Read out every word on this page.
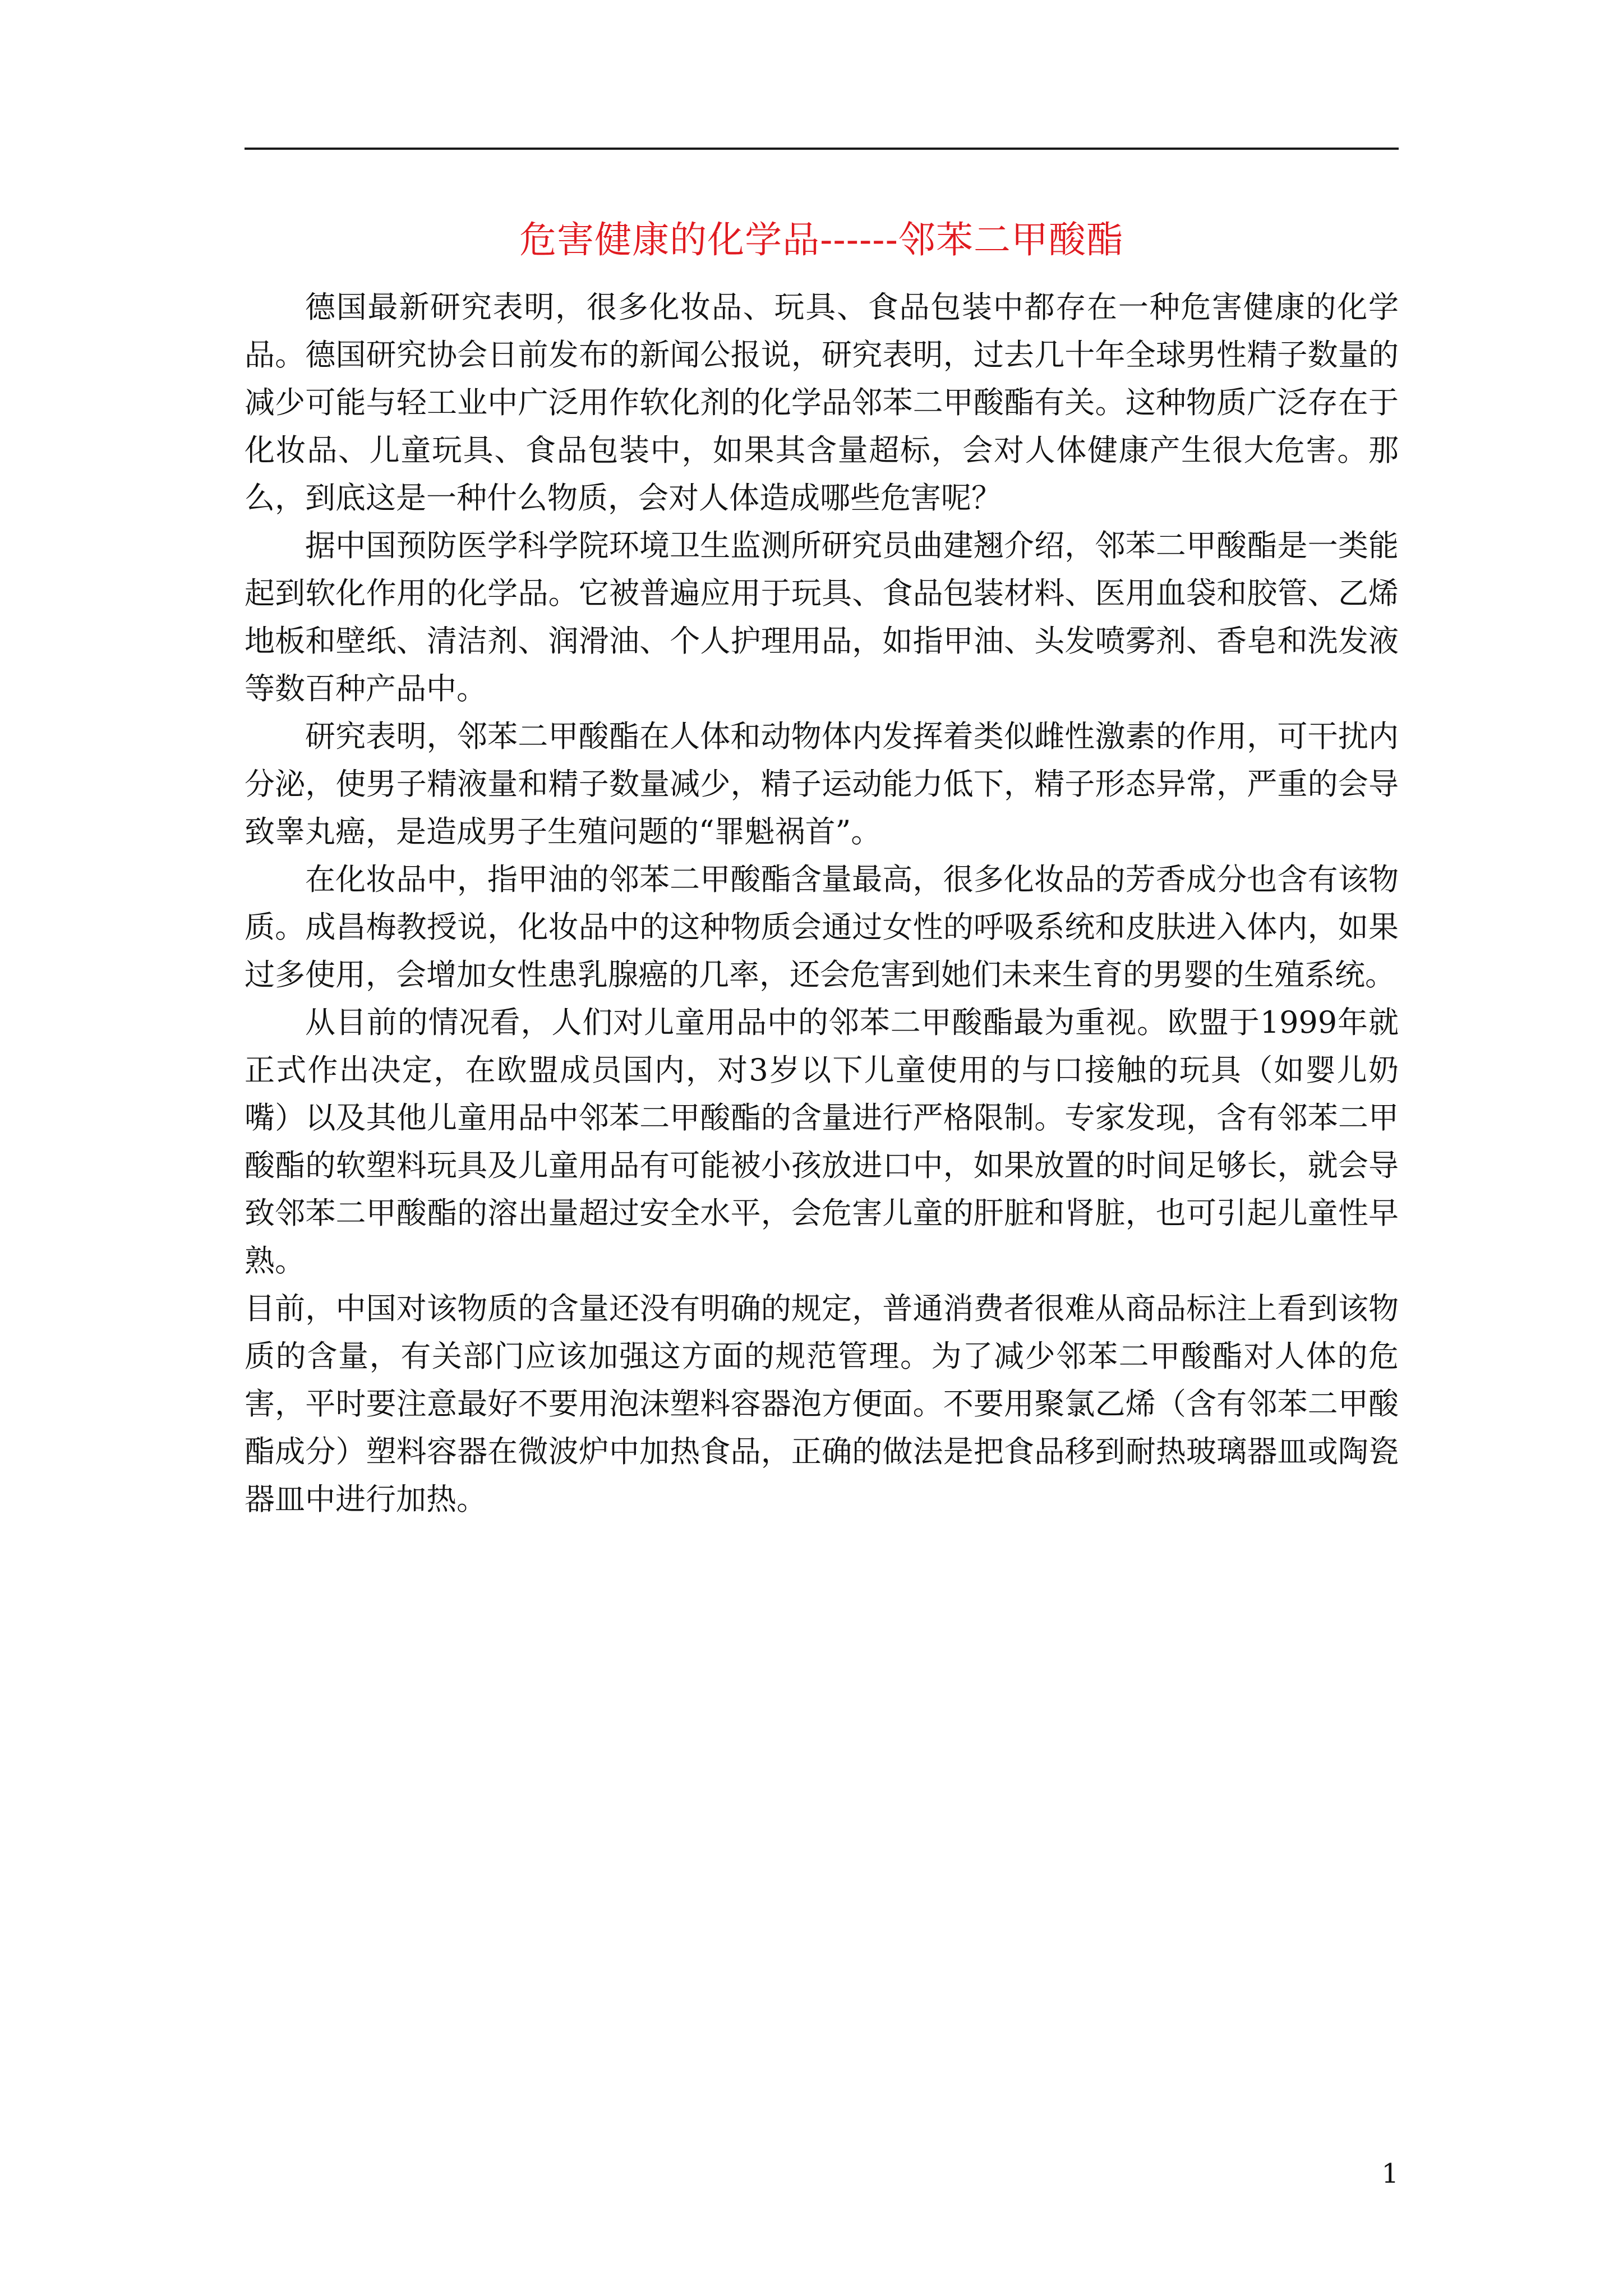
危害健康的化学品------邻苯二甲酸酯

德国最新研究表明，很多化妆品、玩具、食品包装中都存在一种危害健康的化学品。德国研究协会日前发布的新闻公报说，研究表明，过去几十年全球男性精子数量的减少可能与轻工业中广泛用作软化剂的化学品邻苯二甲酸酯有关。这种物质广泛存在于化妆品、儿童玩具、食品包装中，如果其含量超标，会对人体健康产生很大危害。那么，到底这是一种什么物质，会对人体造成哪些危害呢？

据中国预防医学科学院环境卫生监测所研究员曲建翘介绍，邻苯二甲酸酯是一类能起到软化作用的化学品。它被普遍应用于玩具、食品包装材料、医用血袋和胶管、乙烯地板和壁纸、清洁剂、润滑油、个人护理用品，如指甲油、头发喷雾剂、香皂和洗发液等数百种产品中。

研究表明，邻苯二甲酸酯在人体和动物体内发挥着类似雌性激素的作用，可干扰内分泌，使男子精液量和精子数量减少，精子运动能力低下，精子形态异常，严重的会导致睾丸癌，是造成男子生殖问题的“罪魁祸首”。

在化妆品中，指甲油的邻苯二甲酸酯含量最高，很多化妆品的芳香成分也含有该物质。成昌梅教授说，化妆品中的这种物质会通过女性的呼吸系统和皮肤进入体内，如果过多使用，会增加女性患乳腺癌的几率，还会危害到她们未来生育的男婴的生殖系统。

从目前的情况看，人们对儿童用品中的邻苯二甲酸酯最为重视。欧盟于1999年就正式作出决定，在欧盟成员国内，对3岁以下儿童使用的与口接触的玩具（如婴儿奶嘴）以及其他儿童用品中邻苯二甲酸酯的含量进行严格限制。专家发现，含有邻苯二甲酸酯的软塑料玩具及儿童用品有可能被小孩放进口中，如果放置的时间足够长，就会导致邻苯二甲酸酯的溶出量超过安全水平，会危害儿童的肝脏和肾脏，也可引起儿童性早熟。

目前，中国对该物质的含量还没有明确的规定，普通消费者很难从商品标注上看到该物质的含量，有关部门应该加强这方面的规范管理。为了减少邻苯二甲酸酯对人体的危害，平时要注意最好不要用泡沫塑料容器泡方便面。不要用聚氯乙烯（含有邻苯二甲酸酯成分）塑料容器在微波炉中加热食品，正确的做法是把食品移到耐热玻璃器皿或陶瓷器皿中进行加热。

1
